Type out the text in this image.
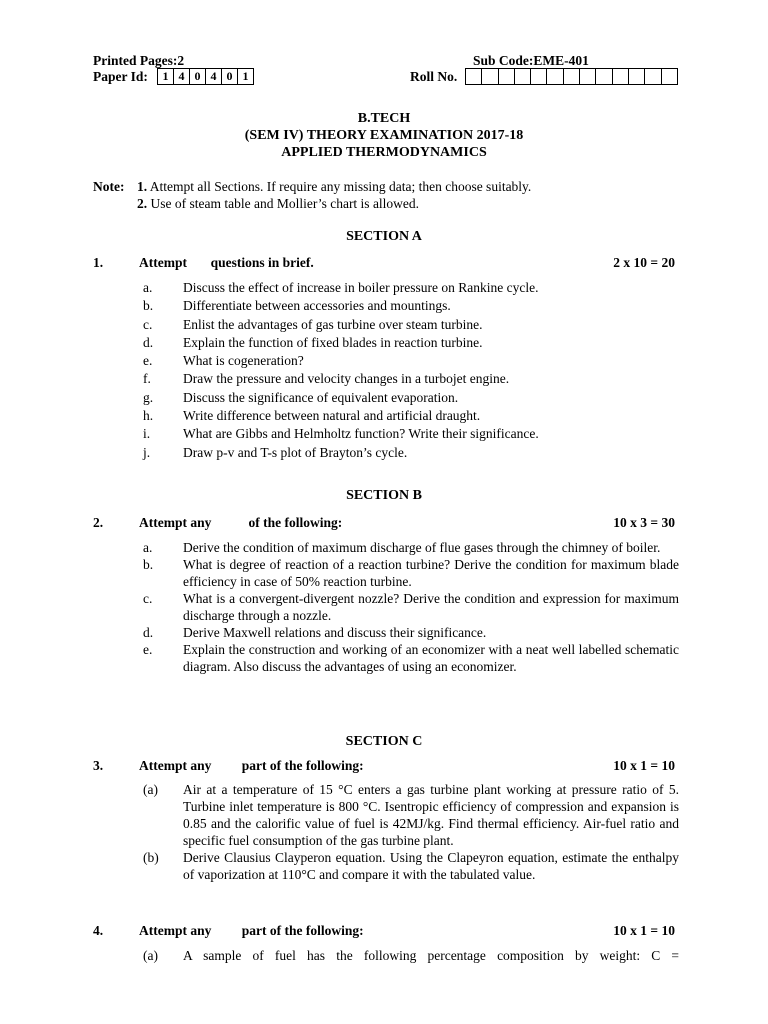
Printed Pages:2	Sub Code:EME-401
Paper Id:	1 4 0 4 0 1	Roll No.
B.TECH
(SEM IV) THEORY EXAMINATION 2017-18
APPLIED THERMODYNAMICS
Note: 1. Attempt all Sections. If require any missing data; then choose suitably.
2. Use of steam table and Mollier’s chart is allowed.
SECTION A
1.	Attempt       questions in brief.	2 x 10 = 20
a. Discuss the effect of increase in boiler pressure on Rankine cycle.
b. Differentiate between accessories and mountings.
c. Enlist the advantages of gas turbine over steam turbine.
d. Explain the function of fixed blades in reaction turbine.
e. What is cogeneration?
f. Draw the pressure and velocity changes in a turbojet engine.
g. Discuss the significance of equivalent evaporation.
h. Write difference between natural and artificial draught.
i. What are Gibbs and Helmholtz function? Write their significance.
j. Draw p-v and T-s plot of Brayton’s cycle.
SECTION B
2.	Attempt any           of the following:	10 x 3 = 30
a. Derive the condition of maximum discharge of flue gases through the chimney of boiler.
b. What is degree of reaction of a reaction turbine? Derive the condition for maximum blade efficiency in case of 50% reaction turbine.
c. What is a convergent-divergent nozzle? Derive the condition and expression for maximum discharge through a nozzle.
d. Derive Maxwell relations and discuss their significance.
e. Explain the construction and working of an economizer with a neat well labelled schematic diagram. Also discuss the advantages of using an economizer.
SECTION C
3.	Attempt any         part of the following:	10 x 1 = 10
(a) Air at a temperature of 15 °C enters a gas turbine plant working at pressure ratio of 5. Turbine inlet temperature is 800 °C. Isentropic efficiency of compression and expansion is 0.85 and the calorific value of fuel is 42MJ/kg. Find thermal efficiency. Air-fuel ratio and specific fuel consumption of the gas turbine plant.
(b) Derive Clausius Clayperon equation. Using the Clapeyron equation, estimate the enthalpy of vaporization at 110°C and compare it with the tabulated value.
4.	Attempt any         part of the following:	10 x 1 = 10
(a) A sample of fuel has the following percentage composition by weight: C =
